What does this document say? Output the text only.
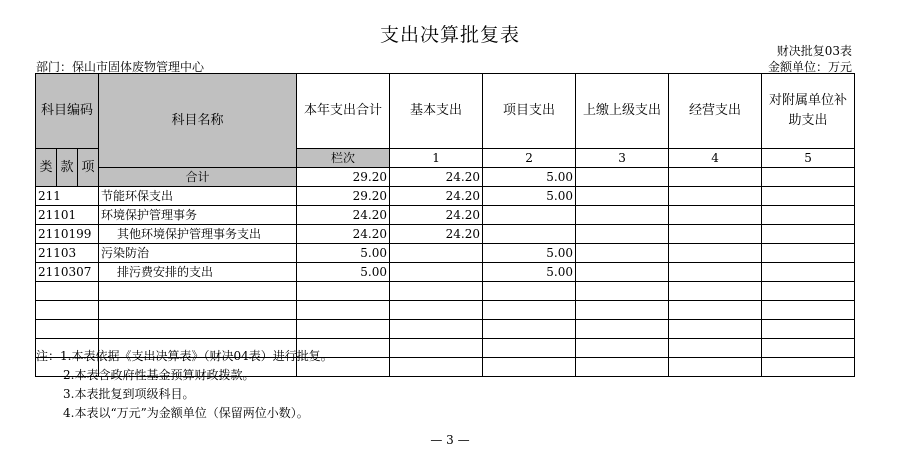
支出决算批复表
财决批复03表
金额单位：万元
部门：保山市固体废物管理中心
科目编码			科目名称	本年支出合计	基本支出	项目支出	上缴上级支出	经营支出	对附属单位补助支出	
类	款	项		栏次	1	2	3	4	5	
			合计	29.20	24.20	5.00				
211			节能环保支出	29.20	24.20	5.00				
21101			环境保护管理事务	24.20	24.20					
2110199			其他环境保护管理事务支出	24.20	24.20					
21103			污染防治	5.00		5.00				
2110307			排污费安排的支出	5.00		5.00				

注：1.本表依据《支出决算表》（财决04表）进行批复。
2.本表含政府性基金预算财政拨款。
3.本表批复到项级科目。
4.本表以“万元”为金额单位（保留两位小数）。
— 3 —
